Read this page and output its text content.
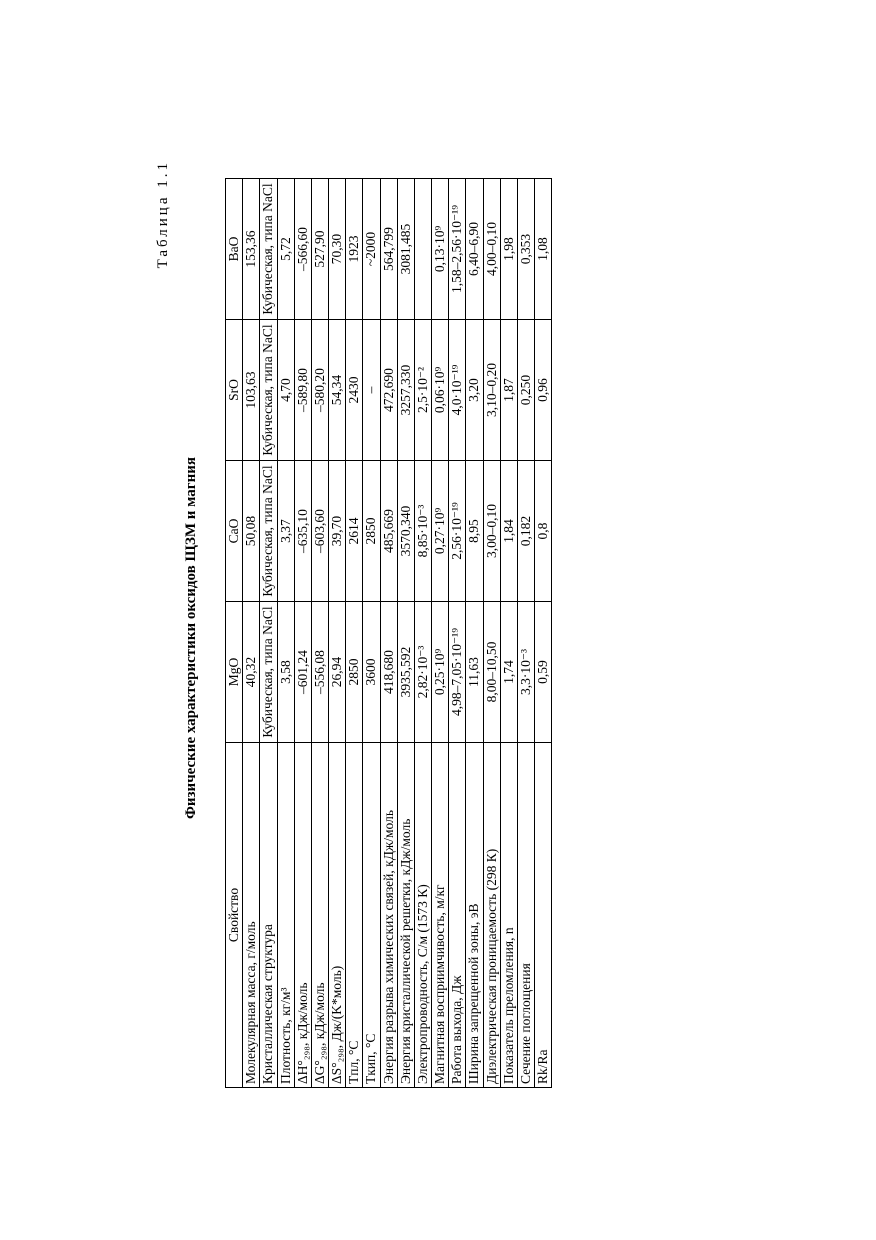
Таблица 1.1
Физические характеристики оксидов ЩЗМ и магния
Свойство	MgO	CaO	SrO	BaO
Молекулярная масса, г/моль	40,32	50,08	103,63	153,36
Кристаллическая структура	Кубическая, типа NaCl	Кубическая, типа NaCl	Кубическая, типа NaCl	Кубическая, типа NaCl
Плотность, кг/м³	3,58	3,37	4,70	5,72
ΔH°₂₉₈, кДж/моль	–601,24	–635,10	–589,80	–566,60
ΔG°₂₉₈, кДж/моль	–556,08	–603,60	–580,20	527,90
ΔS°₂₉₈, Дж/(K*моль)	26,94	39,70	54,34	70,30
Tпл, °C	2850	2614	2430	1923
Tкип, °C	3600	2850	–	~2000
Энергия разрыва химических связей, кДж/моль	418,680	485,669	472,690	564,799
Энергия кристаллической решетки, кДж/моль	3935,592	3570,340	3257,330	3081,485
Электропроводность, С/м (1573 К)	2,82·10⁻³	8,85·10⁻³	2,5·10⁻²	
Магнитная восприимчивость, м/кг	0,25·10⁹	0,27·10⁹	0,06·10⁹	0,13·10⁹
Работа выхода, Дж	4,98–7,05·10⁻¹⁹	2,56·10⁻¹⁹	4,0·10⁻¹⁹	1,58–2,56·10⁻¹⁹
Ширина запрещенной зоны, эВ	11,63	8,95	3,20	6,40–6,90
Диэлектрическая проницаемость (298 К)	8,00–10,50	3,00–0,10	3,10–0,20	4,00–0,10
Показатель преломления, n	1,74	1,84	1,87	1,98
Сечение поглощения	3,3·10⁻³	0,182	0,250	0,353
Rk/Ra	0,59	0,8	0,96	1,08
